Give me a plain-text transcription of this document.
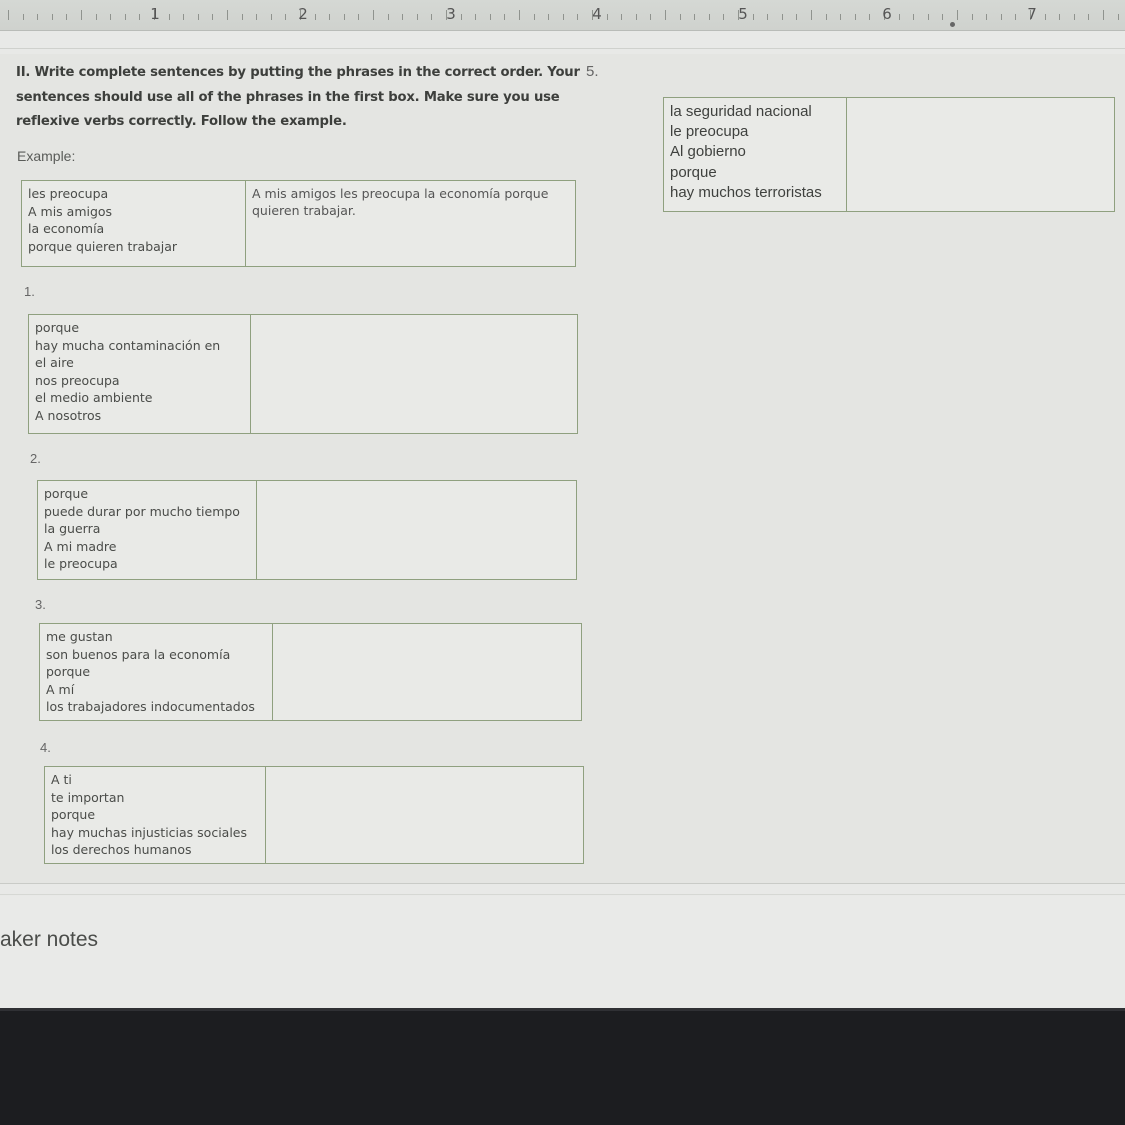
1	2	3	4	5	6	7
II. Write complete sentences by putting the phrases in the correct order. Your sentences should use all of the phrases in the first box. Make sure you use reflexive verbs correctly. Follow the example.
Example:
les preocupa
A mis amigos
la economía
porque quieren trabajar
A mis amigos les preocupa la economía porque quieren trabajar.
1.
porque
hay mucha contaminación en
el aire
nos preocupa
el medio ambiente
A nosotros
2.
porque
puede durar por mucho tiempo
la guerra
A mi madre
le preocupa
3.
me gustan
son buenos para la economía
porque
A mí
los trabajadores indocumentados
4.
A ti
te importan
porque
hay muchas injusticias sociales
los derechos humanos
5.
la seguridad nacional
le preocupa
Al gobierno
porque
hay muchos terroristas
aker notes
